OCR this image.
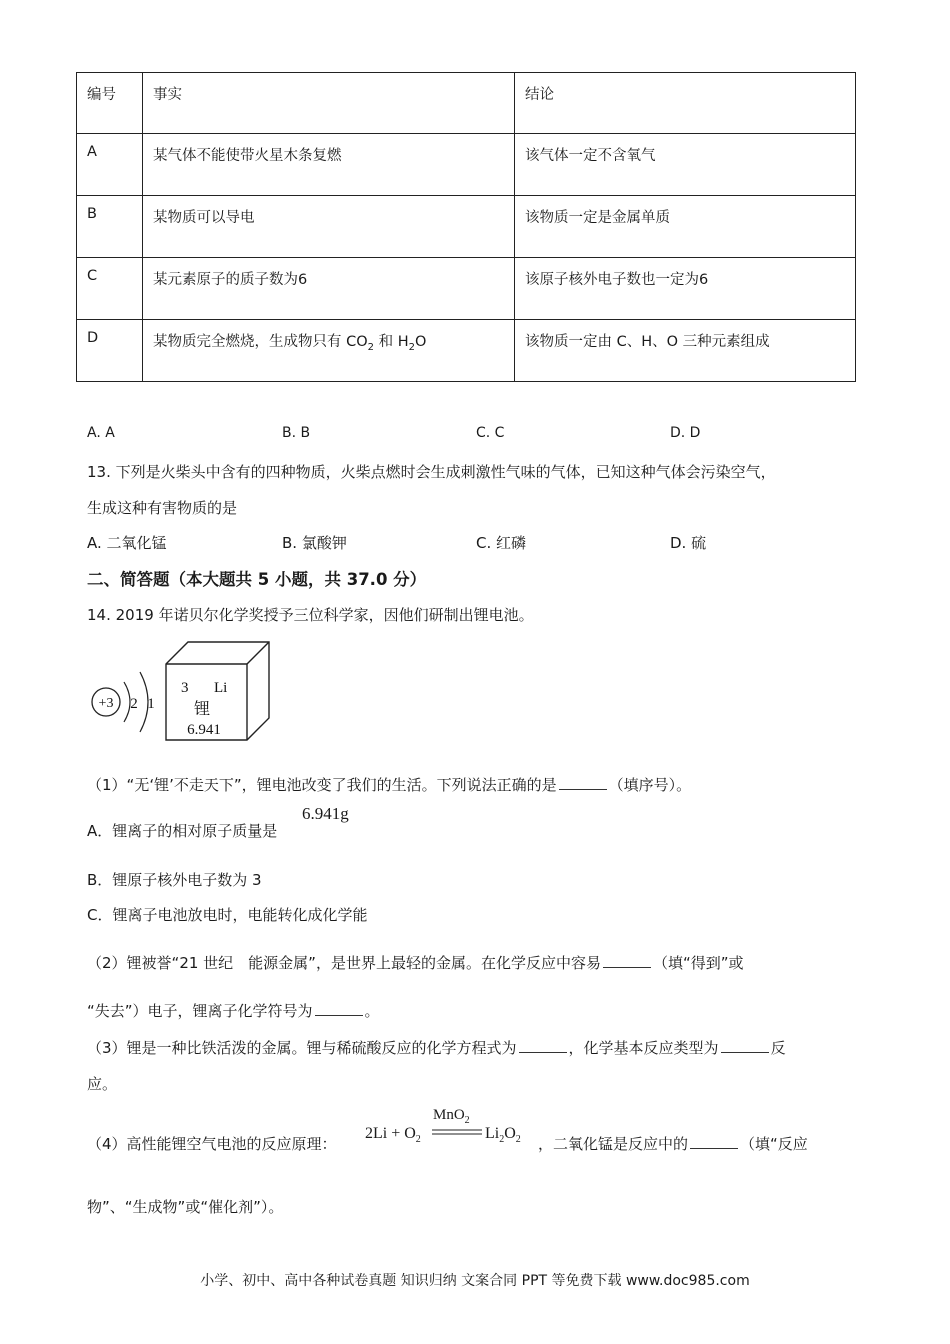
编号	事实	结论
A	某气体不能使带火星木条复燃	该气体一定不含氧气
B	某物质可以导电	该物质一定是金属单质
C	某元素原子的质子数为6	该原子核外电子数也一定为6
D	某物质完全燃烧，生成物只有 $CO_2$ 和 $H_2O$	该物质一定由 C、H、O 三种元素组成
A. A	B. B	C. C	D. D
13. 下列是火柴头中含有的四种物质，火柴点燃时会生成刺激性气味的气体，已知这种气体会污染空气，
生成这种有害物质的是
A. 二氧化锰	B. 氯酸钾	C. 红磷	D. 硫
二、简答题（本大题共 5 小题，共 37.0 分）
14. 2019 年诺贝尔化学奖授予三位科学家，因他们研制出锂电池。
+3 2 1
3 Li
锂
6.941
（1）“无‘锂’不走天下”，锂电池改变了我们的生活。下列说法正确的是	（填序号）。
A．锂离子的相对原子质量是
6.941g
B．锂原子核外电子数为 3
C．锂离子电池放电时，电能转化成化学能
（2）锂被誉“21 世纪　能源金属”，是世界上最轻的金属。在化学反应中容易	（填“得到”或
“失去”）电子，锂离子化学符号为	。
（3）锂是一种比铁活泼的金属。锂与稀硫酸反应的化学方程式为	，化学基本反应类型为	反
应。
（4）高性能锂空气电池的反应原理：
$2Li + O_2$
MnO$_2$
$Li_2O_2$ ，二氧化锰是反应中的	（填“反应
物”、“生成物”或“催化剂”）。
小学、初中、高中各种试卷真题 知识归纳 文案合同 PPT 等免费下载 www.doc985.com
